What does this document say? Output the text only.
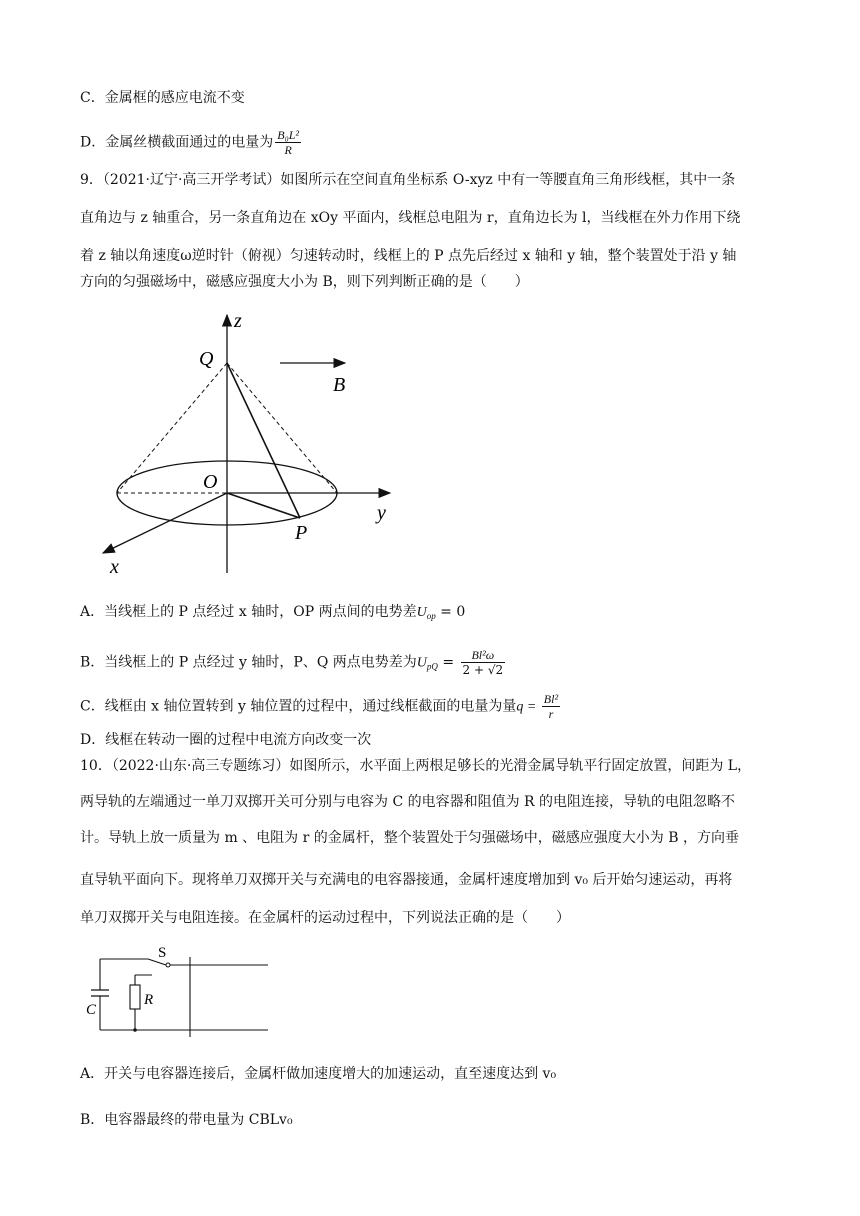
C．金属框的感应电流不变
D．金属丝横截面通过的电量为 $\frac{\text{B₀L²}}{R}$
9．（2021·辽宁·高三开学考试）如图所示在空间直角坐标系 O-xyz 中有一等腰直角三角形线框，其中一条
直角边与 z 轴重合，另一条直角边在 xOy 平面内，线框总电阻为 r，直角边长为 l，当线框在外力作用下绕
着 z 轴以角速度ω逆时针（俯视）匀速转动时，线框上的 P 点先后经过 x 轴和 y 轴，整个装置处于沿 y 轴
方向的匀强磁场中，磁感应强度大小为 B，则下列判断正确的是（　　）
z
Q
B
O
y
P
x
A．当线框上的 P 点经过 x 轴时，OP 两点间的电势差$U_{op} = 0$
B．当线框上的 P 点经过 y 轴时，P、Q 两点电势差为$U_{pQ} = \frac{\text{Bl²ω}}{2 + √2}$
C．线框由 x 轴位置转到 y 轴位置的过程中，通过线框截面的电量为量$q = \frac{\text{Bl²}}{r}$
D．线框在转动一圈的过程中电流方向改变一次
10．（2022·山东·高三专题练习）如图所示，水平面上两根足够长的光滑金属导轨平行固定放置，间距为 L，
两导轨的左端通过一单刀双掷开关可分别与电容为 C 的电容器和阻值为 R 的电阻连接，导轨的电阻忽略不
计。导轨上放一质量为 m 、电阻为 r 的金属杆，整个装置处于匀强磁场中，磁感应强度大小为 B ，方向垂
直导轨平面向下。现将单刀双掷开关与充满电的电容器接通，金属杆速度增加到 v₀ 后开始匀速运动，再将
单刀双掷开关与电阻连接。在金属杆的运动过程中，下列说法正确的是（　　）
S
R
C
A．开关与电容器连接后，金属杆做加速度增大的加速运动，直至速度达到 v₀
B．电容器最终的带电量为 CBLv₀
